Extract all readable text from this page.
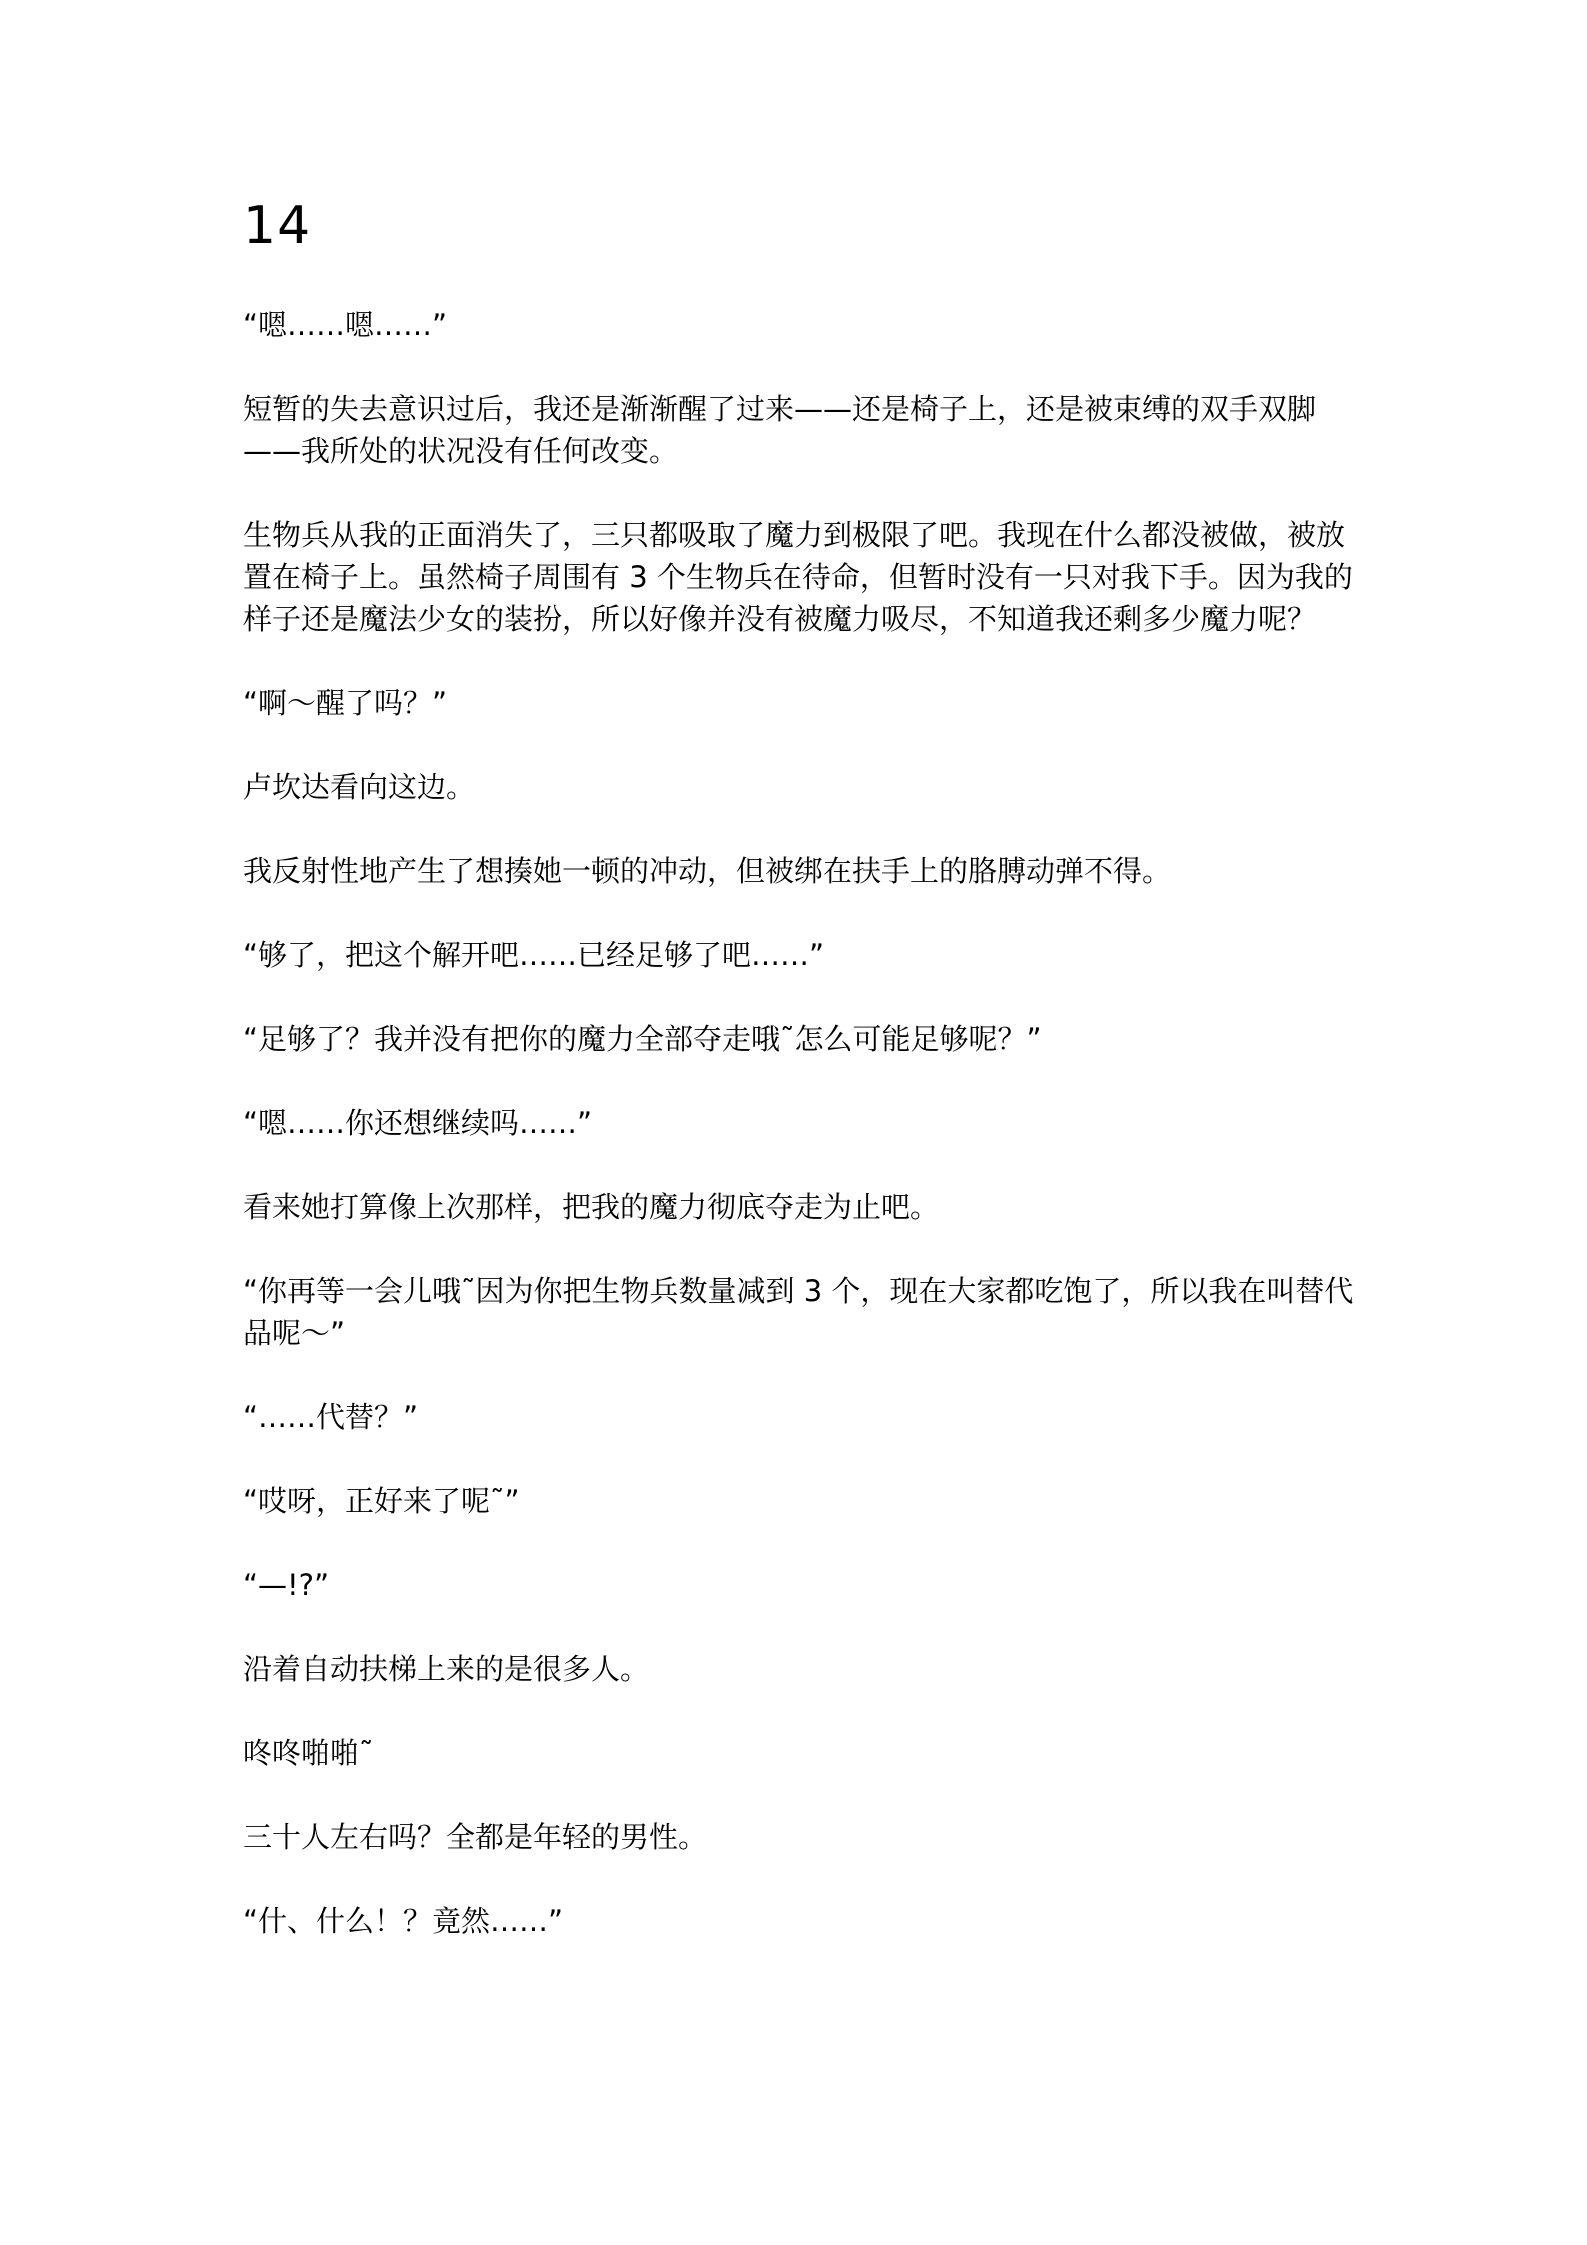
14

“嗯……嗯……”

短暂的失去意识过后，我还是渐渐醒了过来——还是椅子上，还是被束缚的双手双脚——我所处的状况没有任何改变。

生物兵从我的正面消失了，三只都吸取了魔力到极限了吧。我现在什么都没被做，被放置在椅子上。虽然椅子周围有 3 个生物兵在待命，但暂时没有一只对我下手。因为我的样子还是魔法少女的装扮，所以好像并没有被魔力吸尽，不知道我还剩多少魔力呢？

“啊～醒了吗？”

卢坎达看向这边。

我反射性地产生了想揍她一顿的冲动，但被绑在扶手上的胳膊动弹不得。

“够了，把这个解开吧……已经足够了吧……”

“足够了？我并没有把你的魔力全部夺走哦˜怎么可能足够呢？”

“嗯……你还想继续吗……”

看来她打算像上次那样，把我的魔力彻底夺走为止吧。

“你再等一会儿哦˜因为你把生物兵数量减到 3 个，现在大家都吃饱了，所以我在叫替代品呢～”

“……代替？”

“哎呀，正好来了呢˜”

“—!?”

沿着自动扶梯上来的是很多人。

咚咚啪啪˜

三十人左右吗？全都是年轻的男性。

“什、什么！？竟然……”
